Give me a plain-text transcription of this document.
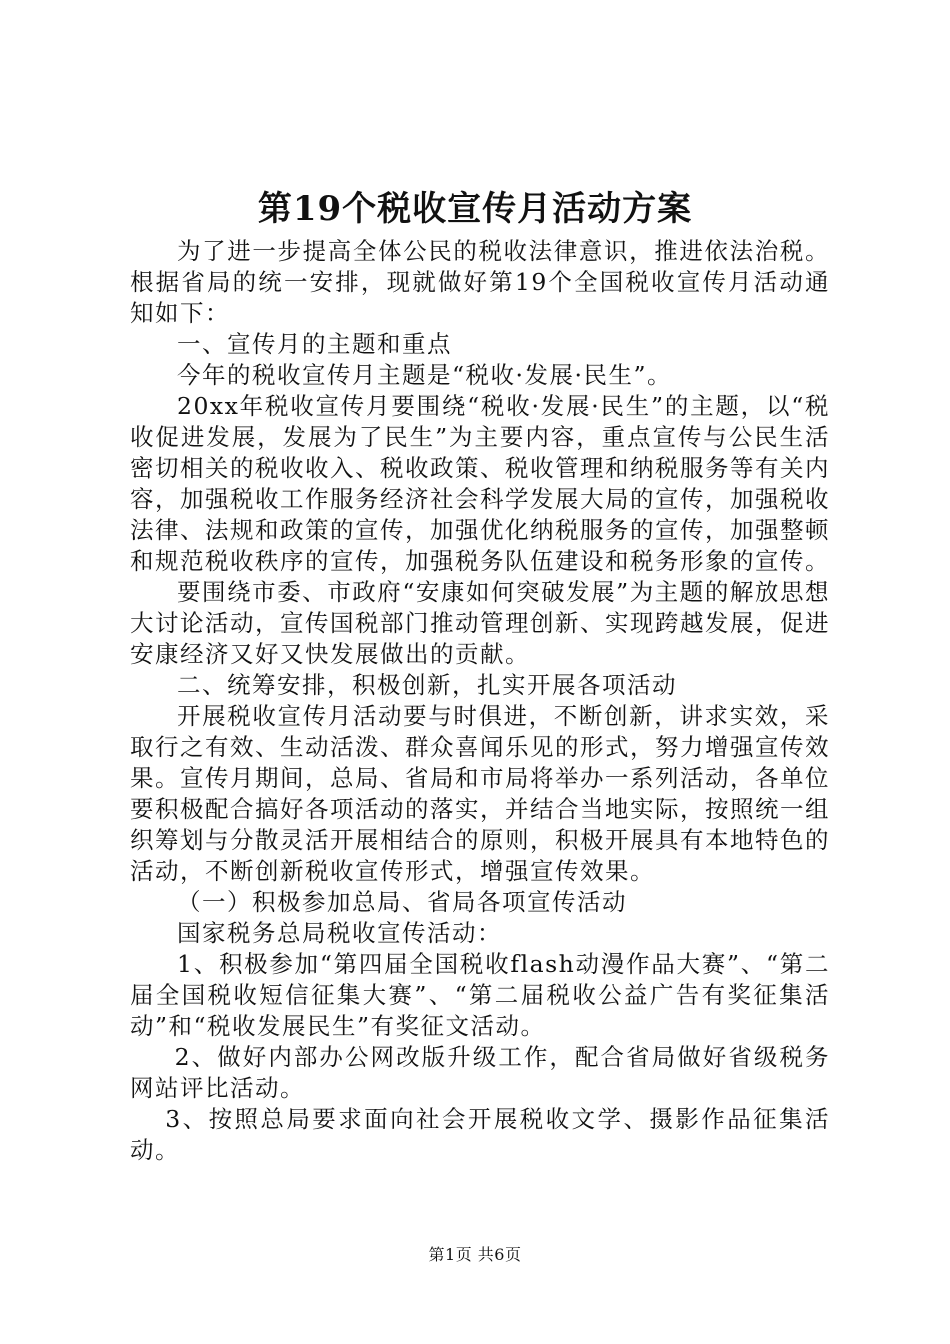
第19个税收宣传月活动方案

为了进一步提高全体公民的税收法律意识，推进依法治税。根据省局的统一安排，现就做好第19个全国税收宣传月活动通知如下：

一、宣传月的主题和重点

今年的税收宣传月主题是“税收·发展·民生”。

20xx年税收宣传月要围绕“税收·发展·民生”的主题，以“税收促进发展，发展为了民生”为主要内容，重点宣传与公民生活密切相关的税收收入、税收政策、税收管理和纳税服务等有关内容，加强税收工作服务经济社会科学发展大局的宣传，加强税收法律、法规和政策的宣传，加强优化纳税服务的宣传，加强整顿和规范税收秩序的宣传，加强税务队伍建设和税务形象的宣传。

要围绕市委、市政府“安康如何突破发展”为主题的解放思想大讨论活动，宣传国税部门推动管理创新、实现跨越发展，促进安康经济又好又快发展做出的贡献。

二、统筹安排，积极创新，扎实开展各项活动

开展税收宣传月活动要与时俱进，不断创新，讲求实效，采取行之有效、生动活泼、群众喜闻乐见的形式，努力增强宣传效果。宣传月期间，总局、省局和市局将举办一系列活动，各单位要积极配合搞好各项活动的落实，并结合当地实际，按照统一组织筹划与分散灵活开展相结合的原则，积极开展具有本地特色的活动，不断创新税收宣传形式，增强宣传效果。

（一）积极参加总局、省局各项宣传活动

国家税务总局税收宣传活动：

1、积极参加“第四届全国税收flash动漫作品大赛”、“第二届全国税收短信征集大赛”、“第二届税收公益广告有奖征集活动”和“税收发展民生”有奖征文活动。

2、做好内部办公网改版升级工作，配合省局做好省级税务网站评比活动。

3、按照总局要求面向社会开展税收文学、摄影作品征集活动。

第1页 共6页
